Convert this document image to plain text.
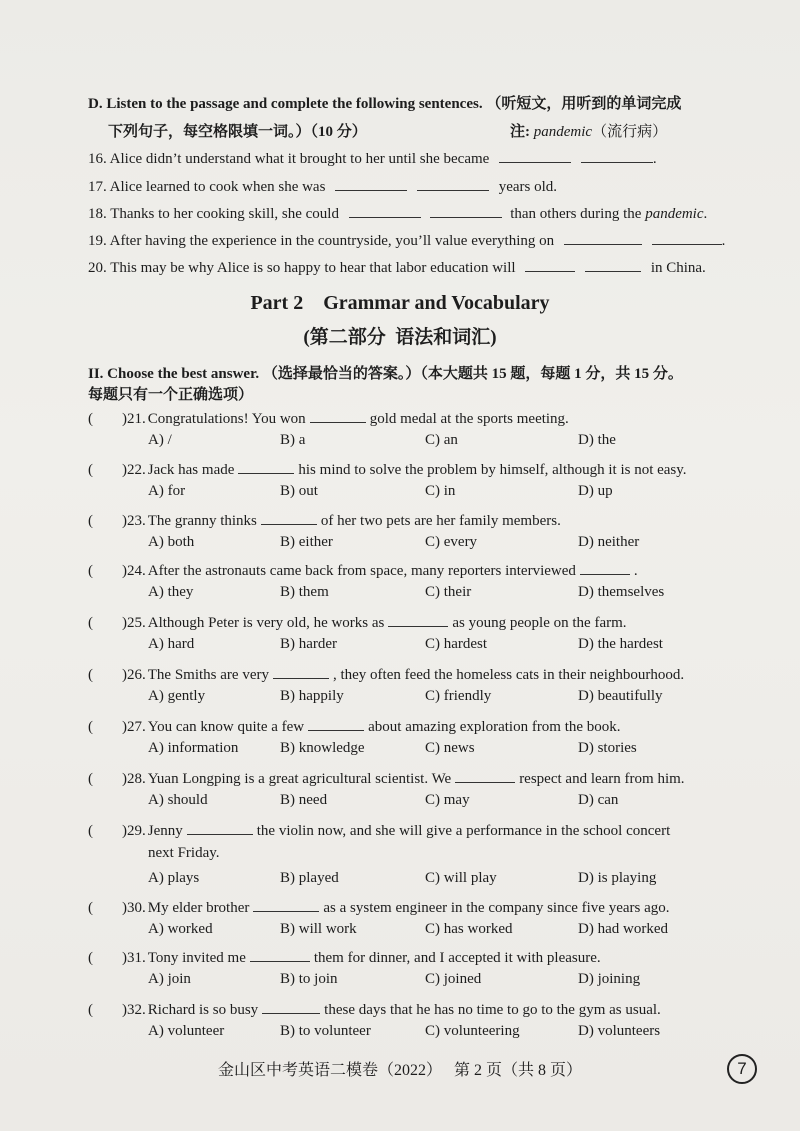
D. Listen to the passage and complete the following sentences. （听短文，用听到的单词完成
下列句子，每空格限填一词。）（10 分）	注: pandemic（流行病）
16. Alice didn’t understand what it brought to her until she became	.
17. Alice learned to cook when she was	years old.
18. Thanks to her cooking skill, she could	than others during the pandemic.
19. After having the experience in the countryside, you’ll value everything on	.
20. This may be why Alice is so happy to hear that labor education will	in China.
Part 2    Grammar and Vocabulary
(第二部分  语法和词汇)
II. Choose the best answer. （选择最恰当的答案。）（本大题共 15 题，每题 1 分，共 15 分。
每题只有一个正确选项）
( )21. Congratulations! You won	gold medal at the sports meeting.
A) /	B) a	C) an	D) the
( )22. Jack has made	his mind to solve the problem by himself, although it is not easy.
A) for	B) out	C) in	D) up
( )23. The granny thinks	of her two pets are her family members.
A) both	B) either	C) every	D) neither
( )24. After the astronauts came back from space, many reporters interviewed	.
A) they	B) them	C) their	D) themselves
( )25. Although Peter is very old, he works as	as young people on the farm.
A) hard	B) harder	C) hardest	D) the hardest
( )26. The Smiths are very	, they often feed the homeless cats in their neighbourhood.
A) gently	B) happily	C) friendly	D) beautifully
( )27. You can know quite a few	about amazing exploration from the book.
A) information	B) knowledge	C) news	D) stories
( )28. Yuan Longping is a great agricultural scientist. We	respect and learn from him.
A) should	B) need	C) may	D) can
( )29. Jenny	the violin now, and she will give a performance in the school concert
next Friday.
A) plays	B) played	C) will play	D) is playing
( )30. My elder brother	as a system engineer in the company since five years ago.
A) worked	B) will work	C) has worked	D) had worked
( )31. Tony invited me	them for dinner, and I accepted it with pleasure.
A) join	B) to join	C) joined	D) joining
( )32. Richard is so busy	these days that he has no time to go to the gym as usual.
A) volunteer	B) to volunteer	C) volunteering	D) volunteers
金山区中考英语二模卷（2022）   第 2 页（共 8 页）	7
